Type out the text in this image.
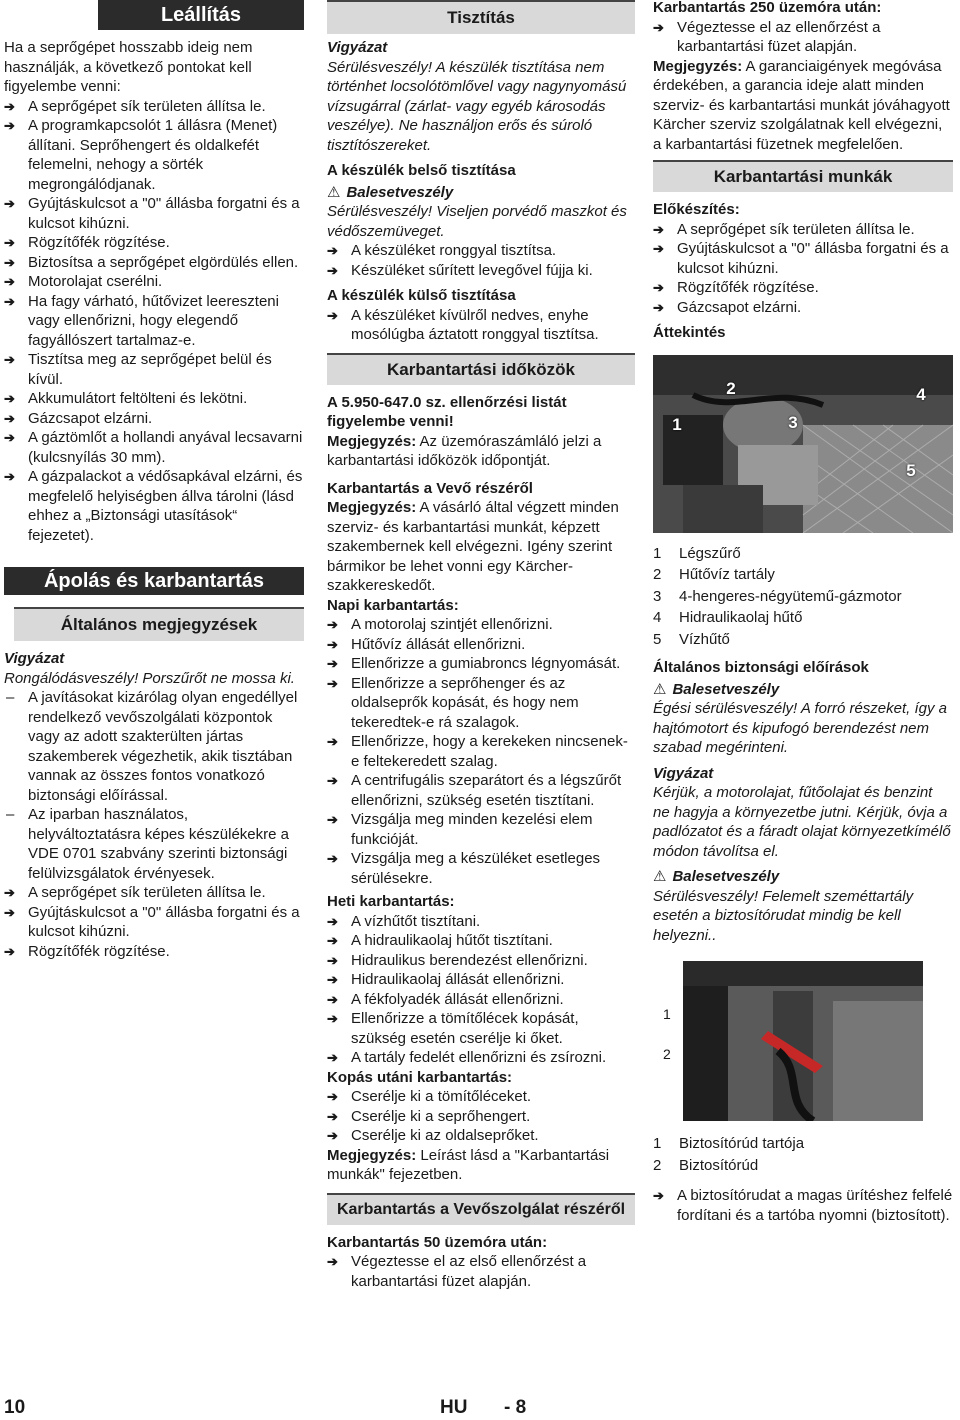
Leállítás

Ha a seprőgépet hosszabb ideig nem használják, a következő pontokat kell figyelembe venni:

➔ A seprőgépet sík területen állítsa le.

➔ A programkapcsolót 1 állásra (Menet) állítani. Seprőhengert és oldalkefét felemelni, nehogy a sörték megrongálódjanak.

➔ Gyújtáskulcsot a "0" állásba forgatni és a kulcsot kihúzni.

➔ Rögzítőfék rögzítése.

➔ Biztosítsa a seprőgépet elgördülés ellen.

➔ Motorolajat cserélni.

➔ Ha fagy várható, hűtővizet leereszteni vagy ellenőrizni, hogy elegendő fagyállószert tartalmaz-e.

➔ Tisztítsa meg az seprőgépet belül és kívül.

➔ Akkumulátort feltölteni és lekötni.

➔ Gázcsapot elzárni.

➔ A gáztömlőt a hollandi anyával lecsavarni (kulcsnyílás 30 mm).

➔ A gázpalackot a védősapkával elzárni, és megfelelő helyiségben állva tárolni (lásd ehhez a „Biztonsági utasítások“ fejezetet).

Ápolás és karbantartás
Általános megjegyzések

Vigyázat

Rongálódásveszély! Porszűrőt ne mossa ki.

– A javításokat kizárólag olyan engedéllyel rendelkező vevőszolgálati központok vagy az adott szakterülten jártas szakemberek végezhetik, akik tisztában vannak az összes fontos vonatkozó biztonsági előírással.

– Az iparban használatos, helyváltoztatásra képes készülékekre a VDE 0701 szabvány szerinti biztonsági felülvizsgálatok érvényesek.

➔ A seprőgépet sík területen állítsa le.

➔ Gyújtáskulcsot a "0" állásba forgatni és a kulcsot kihúzni.

➔ Rögzítőfék rögzítése.

Tisztítás

Vigyázat

Sérülésveszély! A készülék tisztítása nem történhet locsolótömlővel vagy nagynyomású vízsugárral (zárlat- vagy egyéb károsodás veszélye). Ne használjon erős és súroló tisztítószereket.

A készülék belső tisztítása

⚠ Balesetveszély

Sérülésveszély! Viseljen porvédő maszkot és védőszemüveget.

➔ A készüléket ronggyal tisztítsa.

➔ Készüléket sűrített levegővel fújja ki.

A készülék külső tisztítása

➔ A készüléket kívülről nedves, enyhe mosólúgba áztatott ronggyal tisztítsa.

Karbantartási időközök

A 5.950-647.0 sz. ellenőrzési listát figyelembe venni!

Megjegyzés: Az üzemóraszámláló jelzi a karbantartási időközök időpontját.

Karbantartás a Vevő részéről

Megjegyzés: A vásárló által végzett minden szerviz- és karbantartási munkát, képzett szakembernek kell elvégezni. Igény szerint bármikor be lehet vonni egy Kärcher-szakkereskedőt.

Napi karbantartás:

➔ A motorolaj szintjét ellenőrizni.

➔ Hűtővíz állását ellenőrizni.

➔ Ellenőrizze a gumiabroncs légnyomását.

➔ Ellenőrizze a seprőhenger és az oldalseprők kopását, és hogy nem tekeredtek-e rá szalagok.

➔ Ellenőrizze, hogy a kerekeken nincsenek-e feltekeredett szalag.

➔ A centrifugális szeparátort és a légszűrőt ellenőrizni, szükség esetén tisztítani.

➔ Vizsgálja meg minden kezelési elem funkcióját.

➔ Vizsgálja meg a készüléket esetleges sérülésekre.

Heti karbantartás:

➔ A vízhűtőt tisztítani.

➔ A hidraulikaolaj hűtőt tisztítani.

➔ Hidraulikus berendezést ellenőrizni.

➔ Hidraulikaolaj állását ellenőrizni.

➔ A fékfolyadék állását ellenőrizni.

➔ Ellenőrizze a tömítőlécek kopását, szükség esetén cserélje ki őket.

➔ A tartály fedelét ellenőrizni és zsírozni.

Kopás utáni karbantartás:

➔ Cserélje ki a tömítőléceket.

➔ Cserélje ki a seprőhengert.

➔ Cserélje ki az oldalseprőket.

Megjegyzés: Leírást lásd a "Karbantartási munkák" fejezetben.

Karbantartás a Vevőszolgálat részéről

Karbantartás 50 üzemóra után:

➔ Végeztesse el az első ellenőrzést a karbantartási füzet alapján.

Karbantartás 250 üzemóra után:

➔ Végeztesse el az ellenőrzést a karbantartási füzet alapján.

Megjegyzés: A garanciaigények megóvása érdekében, a garancia ideje alatt minden szerviz- és karbantartási munkát jóváhagyott Kärcher szerviz szolgálatnak kell elvégezni, a karbantartási füzetnek megfelelően.

Karbantartási munkák

Előkészítés:

➔ A seprőgépet sík területen állítsa le.

➔ Gyújtáskulcsot a "0" állásba forgatni és a kulcsot kihúzni.

➔ Rögzítőfék rögzítése.

➔ Gázcsapot elzárni.

Áttekintés

1
2
3
4
5
1 Légszűrő
2 Hűtővíz tartály
3 4-hengeres-négyütemű-gázmotor
4 Hidraulikaolaj hűtő
5 Vízhűtő

Általános biztonsági előírások

⚠ Balesetveszély

Égési sérülésveszély! A forró részeket, így a hajtómotort és kipufogó berendezést nem szabad megérinteni.

Vigyázat

Kérjük, a motorolajat, fűtőolajat és benzint ne hagyja a környezetbe jutni. Kérjük, óvja a padlózatot és a fáradt olajat környezetkímélő módon távolítsa el.

⚠ Balesetveszély

Sérülésveszély! Felemelt szeméttartály esetén a biztosítórudat mindig be kell helyezni..

1
2
1 Biztosítórúd tartója
2 Biztosítórúd

➔ A biztosítórudat a magas ürítéshez felfelé fordítani és a tartóba nyomni (biztosított).

10	HU - 8
